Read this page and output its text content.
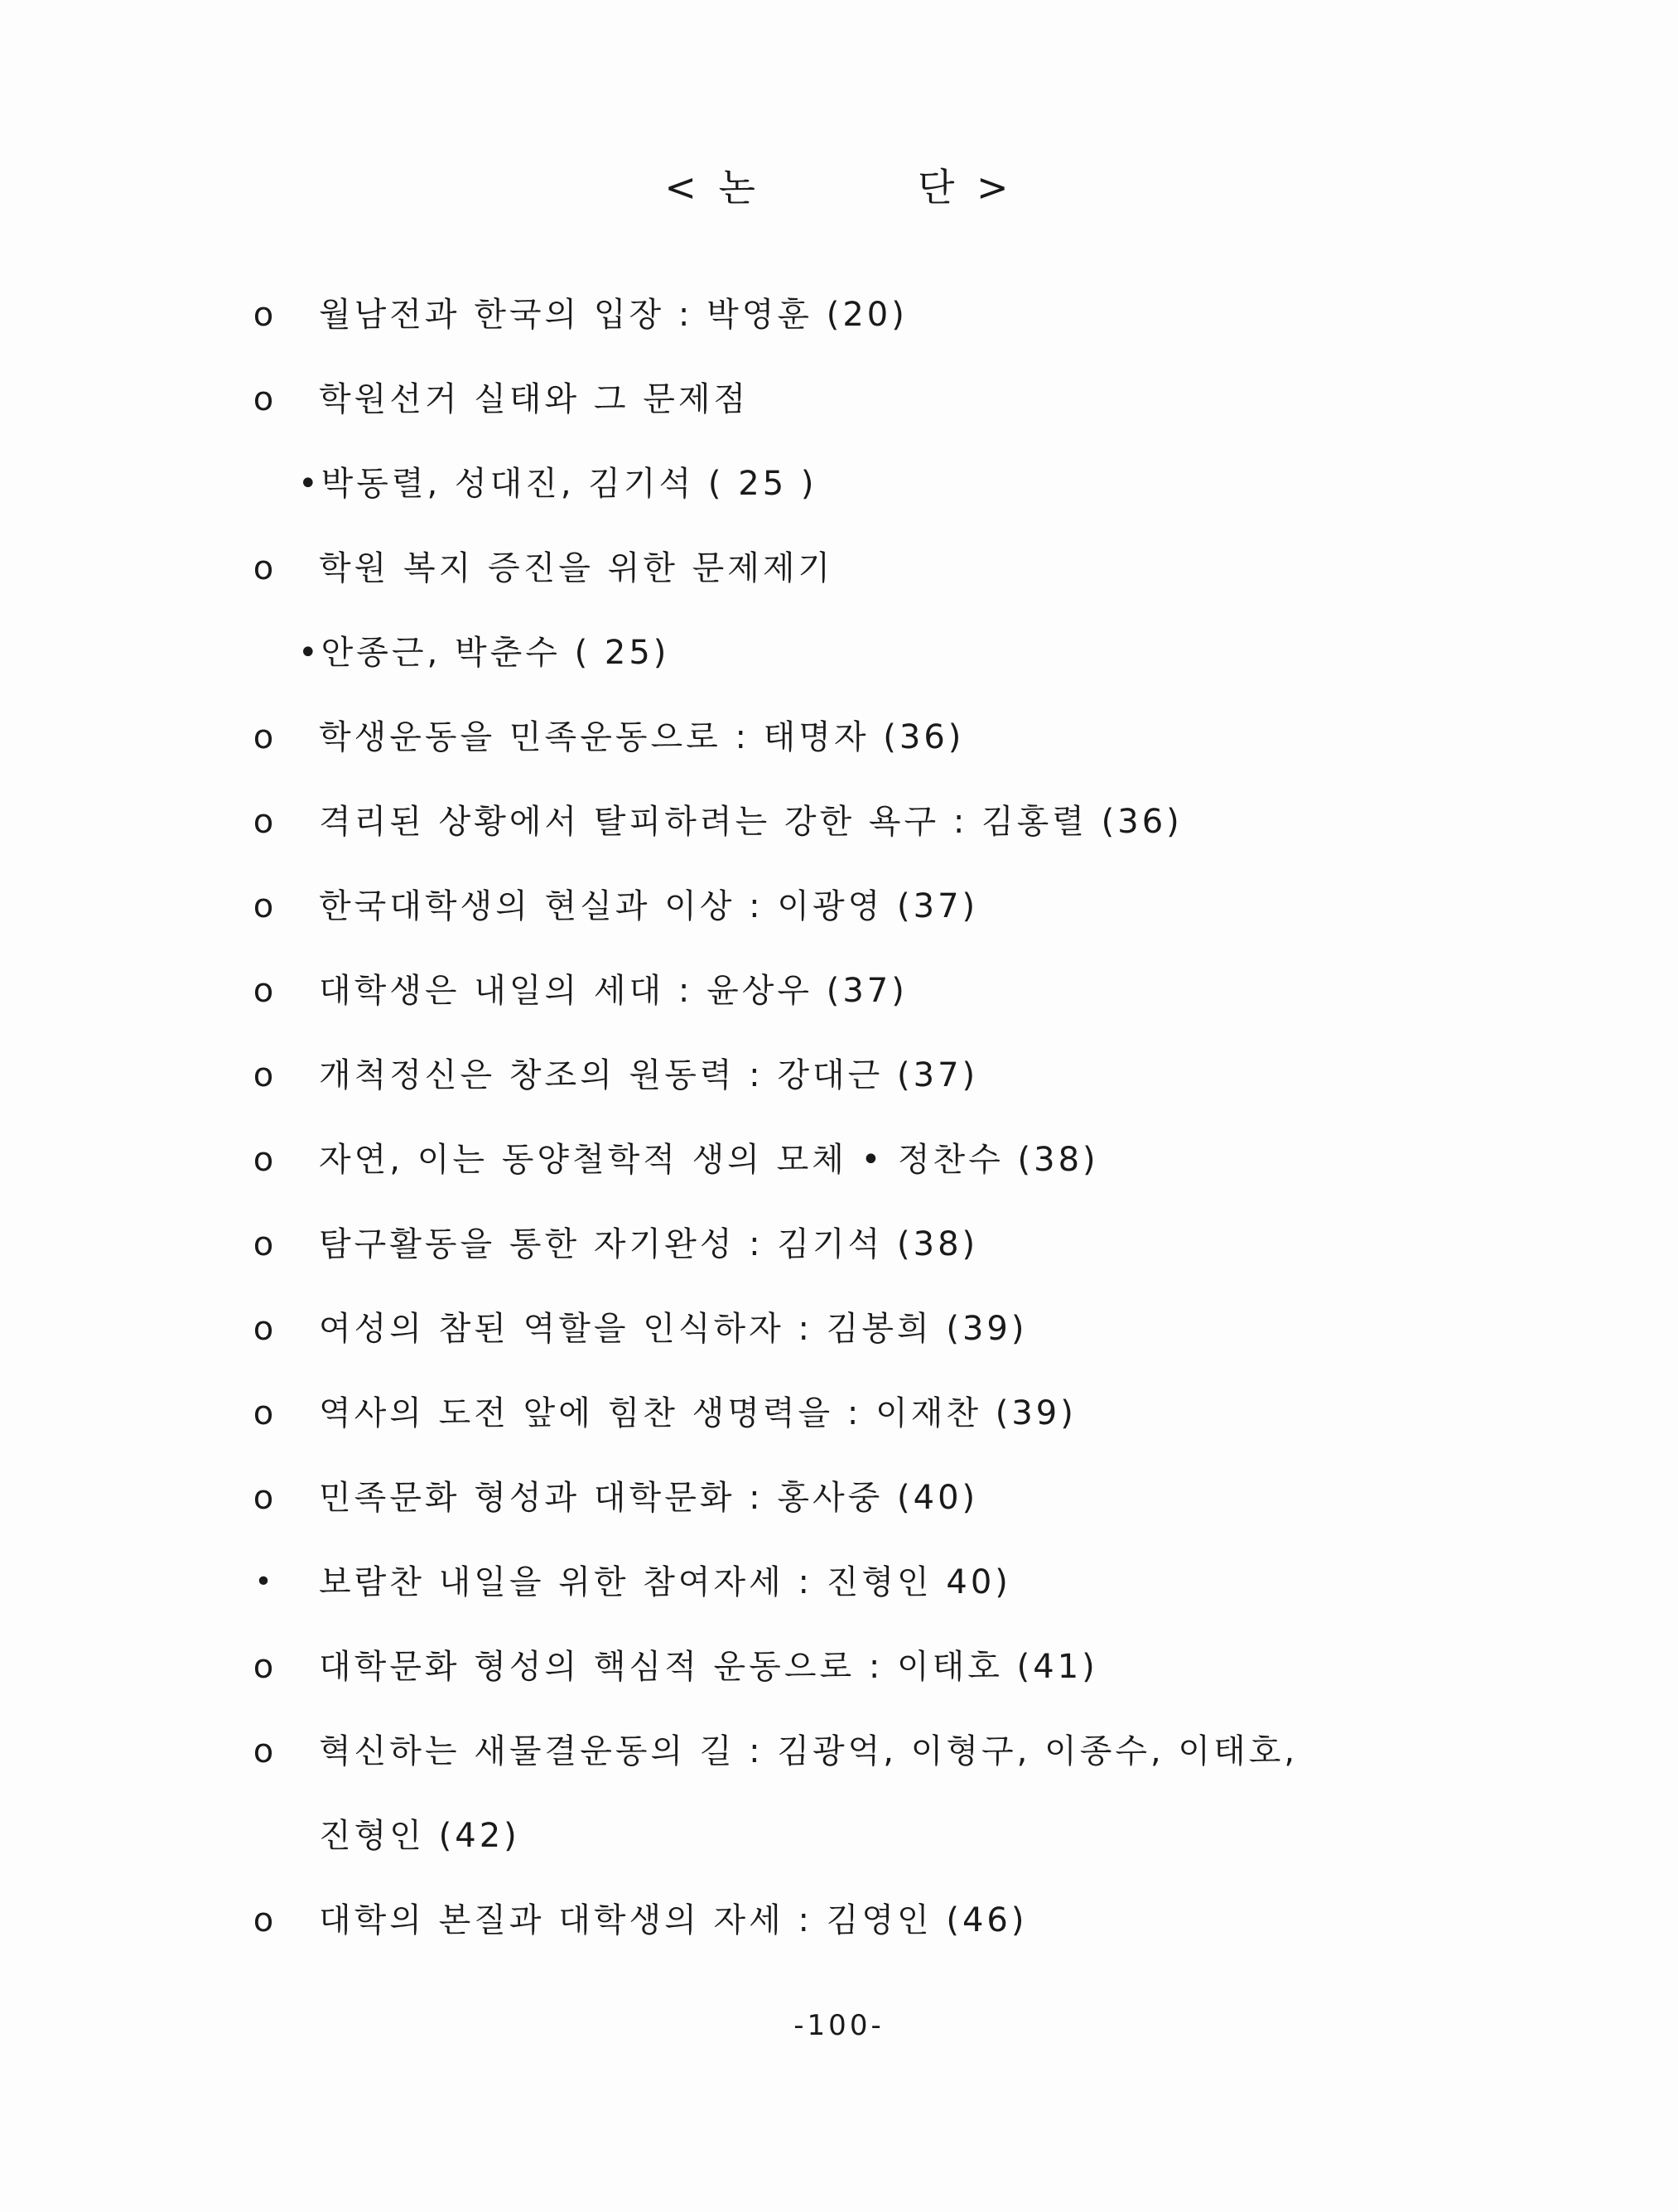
< 논	단 >
o 월남전과 한국의 입장 : 박영훈 (20)
o 학원선거 실태와 그 문제점
•박동렬, 성대진, 김기석 ( 25 )
o 학원 복지 증진을 위한 문제제기
•안종근, 박춘수 ( 25)
o 학생운동을 민족운동으로 : 태명자 (36)
o 격리된 상황에서 탈피하려는 강한 욕구 : 김홍렬 (36)
o 한국대학생의 현실과 이상 : 이광영 (37)
o 대학생은 내일의 세대 : 윤상우 (37)
o 개척정신은 창조의 원동력 : 강대근 (37)
o 자연, 이는 동양철학적 생의 모체 • 정찬수 (38)
o 탐구활동을 통한 자기완성 : 김기석 (38)
o 여성의 참된 역할을 인식하자 : 김봉희 (39)
o 역사의 도전 앞에 힘찬 생명력을 : 이재찬 (39)
o 민족문화 형성과 대학문화 : 홍사중 (40)
• 보람찬 내일을 위한 참여자세 : 진형인 40)
o 대학문화 형성의 핵심적 운동으로 : 이태호 (41)
o 혁신하는 새물결운동의 길 : 김광억, 이형구, 이종수, 이태호,
진형인 (42)
o 대학의 본질과 대학생의 자세 : 김영인 (46)
-100-
